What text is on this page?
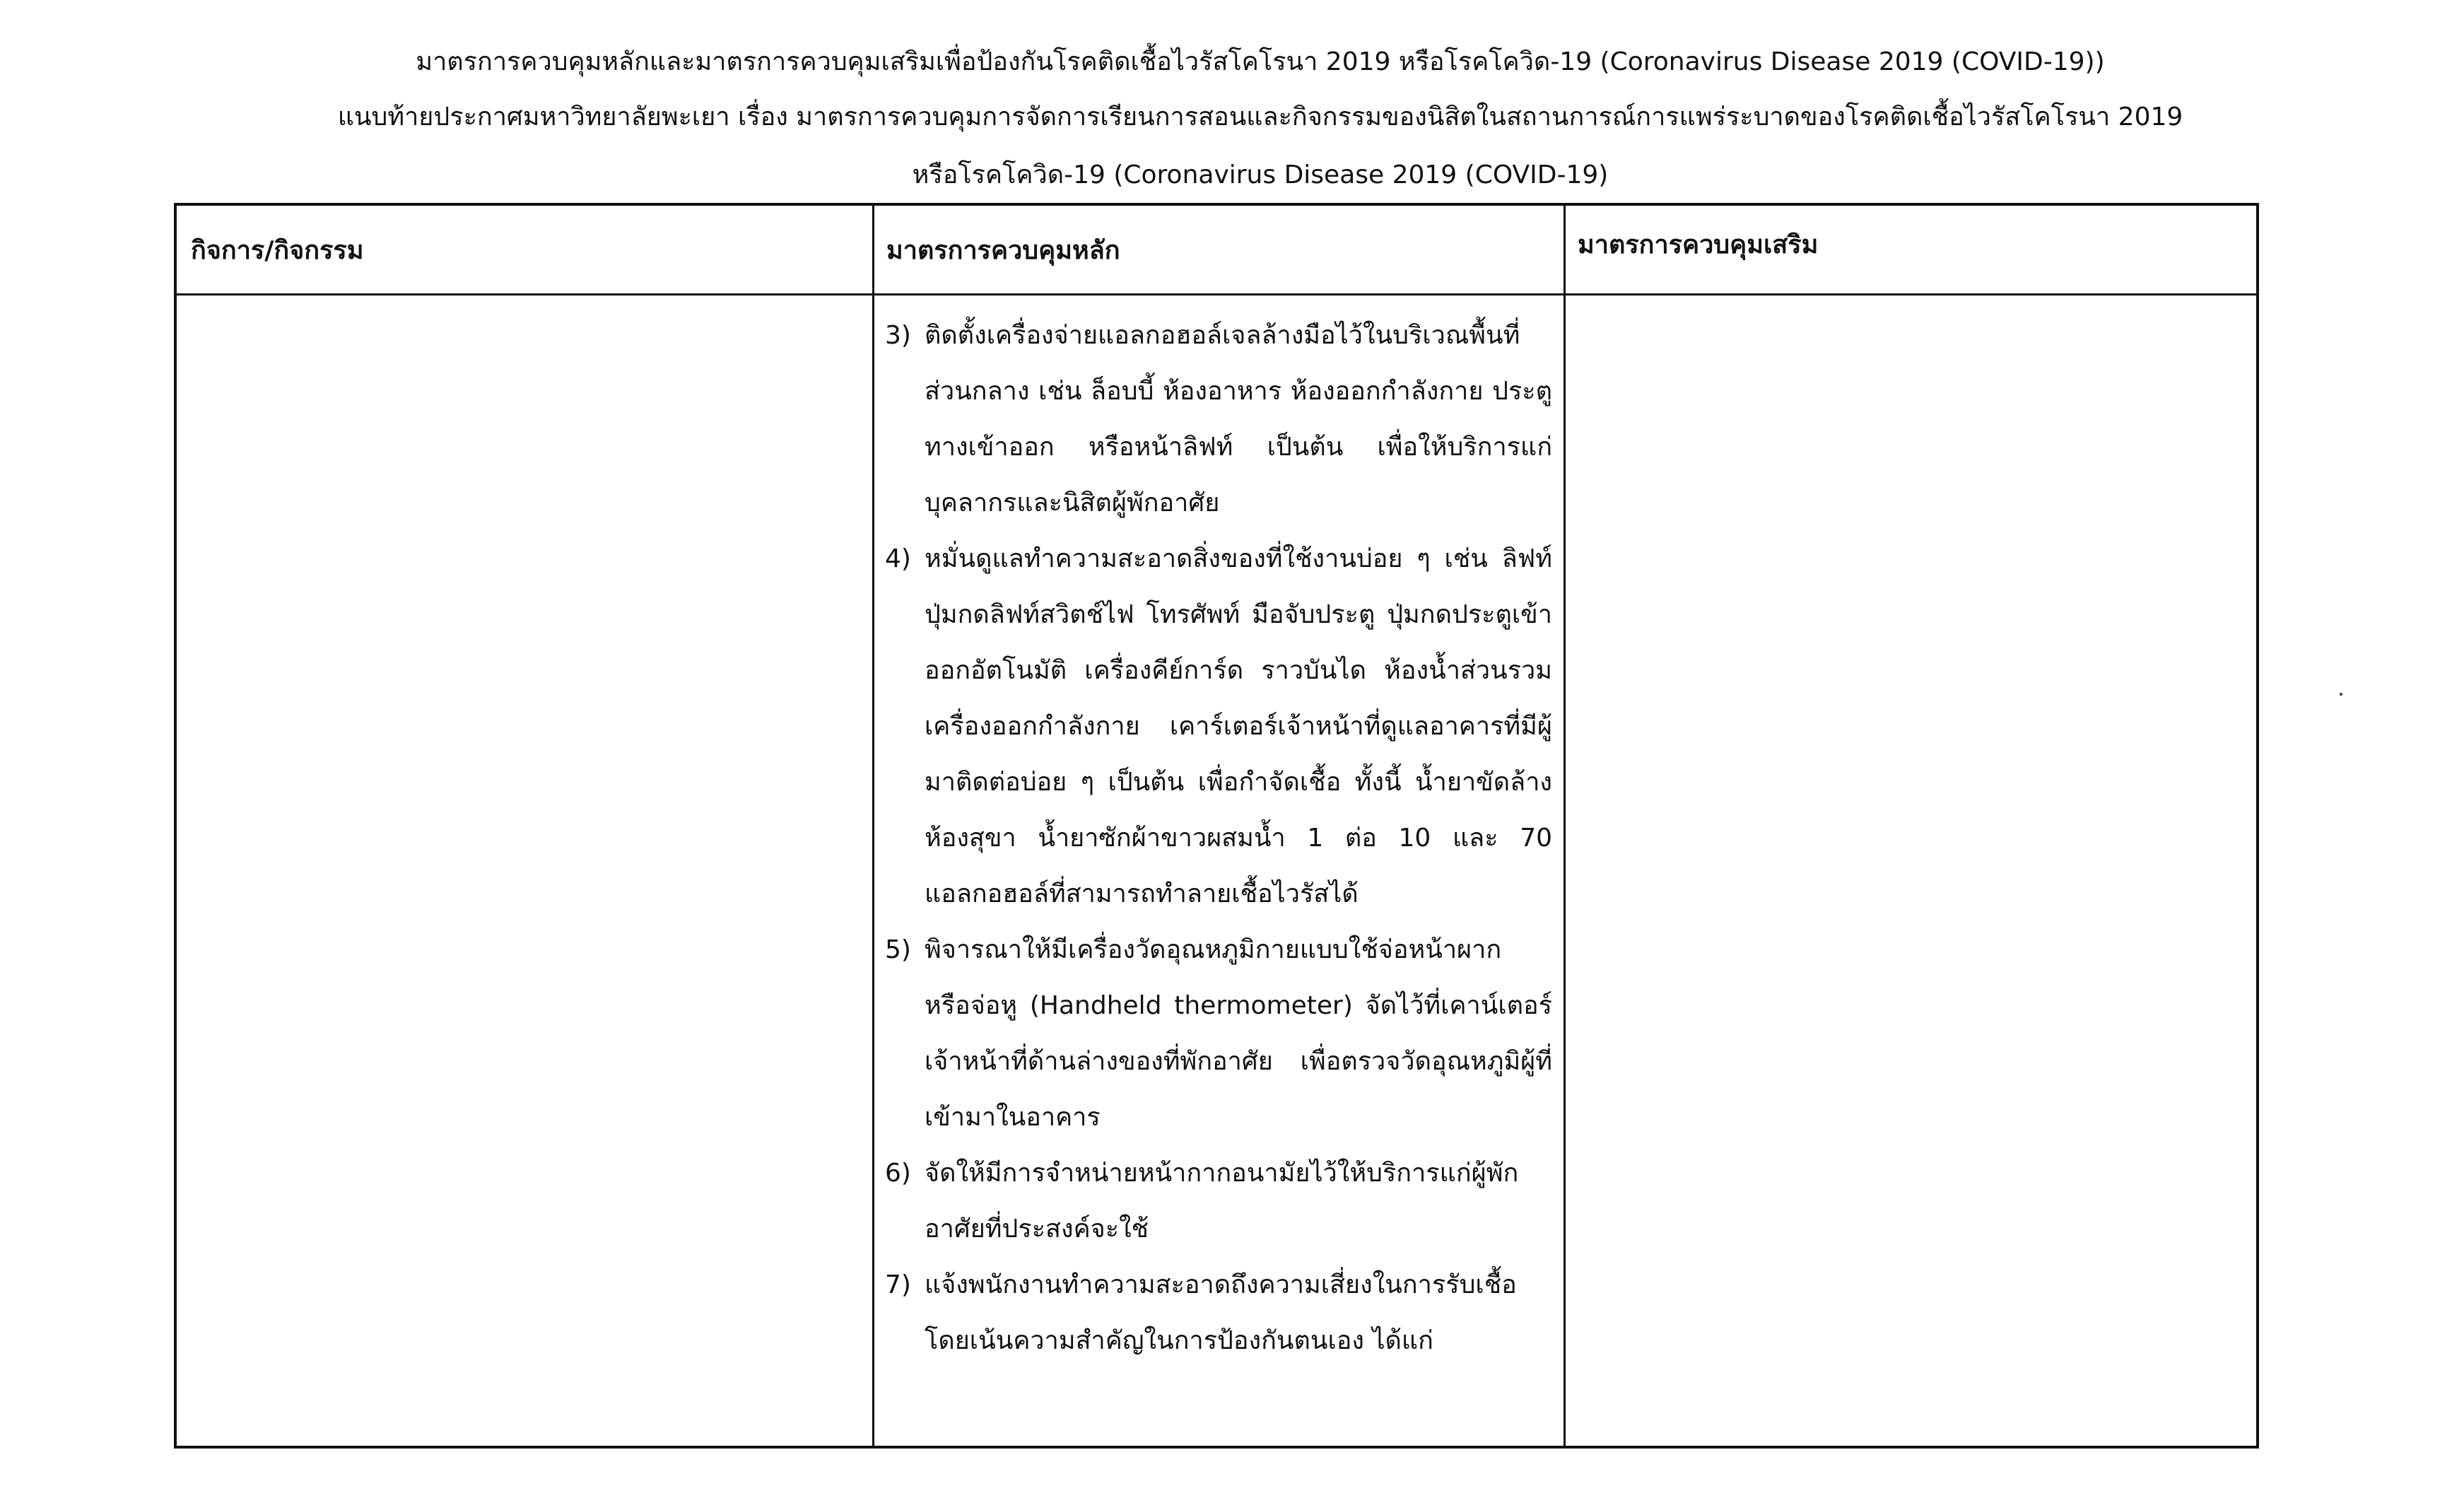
มาตรการควบคุมหลักและมาตรการควบคุมเสริมเพื่อป้องกันโรคติดเชื้อไวรัสโคโรนา 2019 หรือโรคโควิด-19 (Coronavirus Disease 2019 (COVID-19))
แนบท้ายประกาศมหาวิทยาลัยพะเยา เรื่อง มาตรการควบคุมการจัดการเรียนการสอนและกิจกรรมของนิสิตในสถานการณ์การแพร่ระบาดของโรคติดเชื้อไวรัสโคโรนา 2019
หรือโรคโควิด-19 (Coronavirus Disease 2019 (COVID-19)
กิจการ/กิจกรรม	มาตรการควบคุมหลัก	มาตรการควบคุมเสริม
3) ติดตั้งเครื่องจ่ายแอลกอฮอล์เจลล้างมือไว้ในบริเวณพื้นที่ส่วนกลาง เช่น ล็อบบี้ ห้องอาหาร ห้องออกกำลังกาย ประตูทางเข้าออก หรือหน้าลิฟท์ เป็นต้น เพื่อให้บริการแก่บุคลากรและนิสิตผู้พักอาศัย
4) หมั่นดูแลทำความสะอาดสิ่งของที่ใช้งานบ่อย ๆ เช่น ลิฟท์ ปุ่มกดลิฟท์สวิตช์ไฟ โทรศัพท์ มือจับประตู ปุ่มกดประตูเข้าออกอัตโนมัติ เครื่องคีย์การ์ด ราวบันได ห้องน้ำส่วนรวม เครื่องออกกำลังกาย เคาร์เตอร์เจ้าหน้าที่ดูแลอาคารที่มีผู้มาติดต่อบ่อย ๆ เป็นต้น เพื่อกำจัดเชื้อ ทั้งนี้ น้ำยาขัดล้างห้องสุขา น้ำยาซักผ้าขาวผสมน้ำ 1 ต่อ 10 และ 70 แอลกอฮอล์ที่สามารถทำลายเชื้อไวรัสได้
5) พิจารณาให้มีเครื่องวัดอุณหภูมิกายแบบใช้จ่อหน้าผาก หรือจ่อหู (Handheld thermometer) จัดไว้ที่เคาน์เตอร์เจ้าหน้าที่ด้านล่างของที่พักอาศัย เพื่อตรวจวัดอุณหภูมิผู้ที่เข้ามาในอาคาร
6) จัดให้มีการจำหน่ายหน้ากากอนามัยไว้ให้บริการแก่ผู้พักอาศัยที่ประสงค์จะใช้
7) แจ้งพนักงานทำความสะอาดถึงความเสี่ยงในการรับเชื้อ โดยเน้นความสำคัญในการป้องกันตนเอง ได้แก่
